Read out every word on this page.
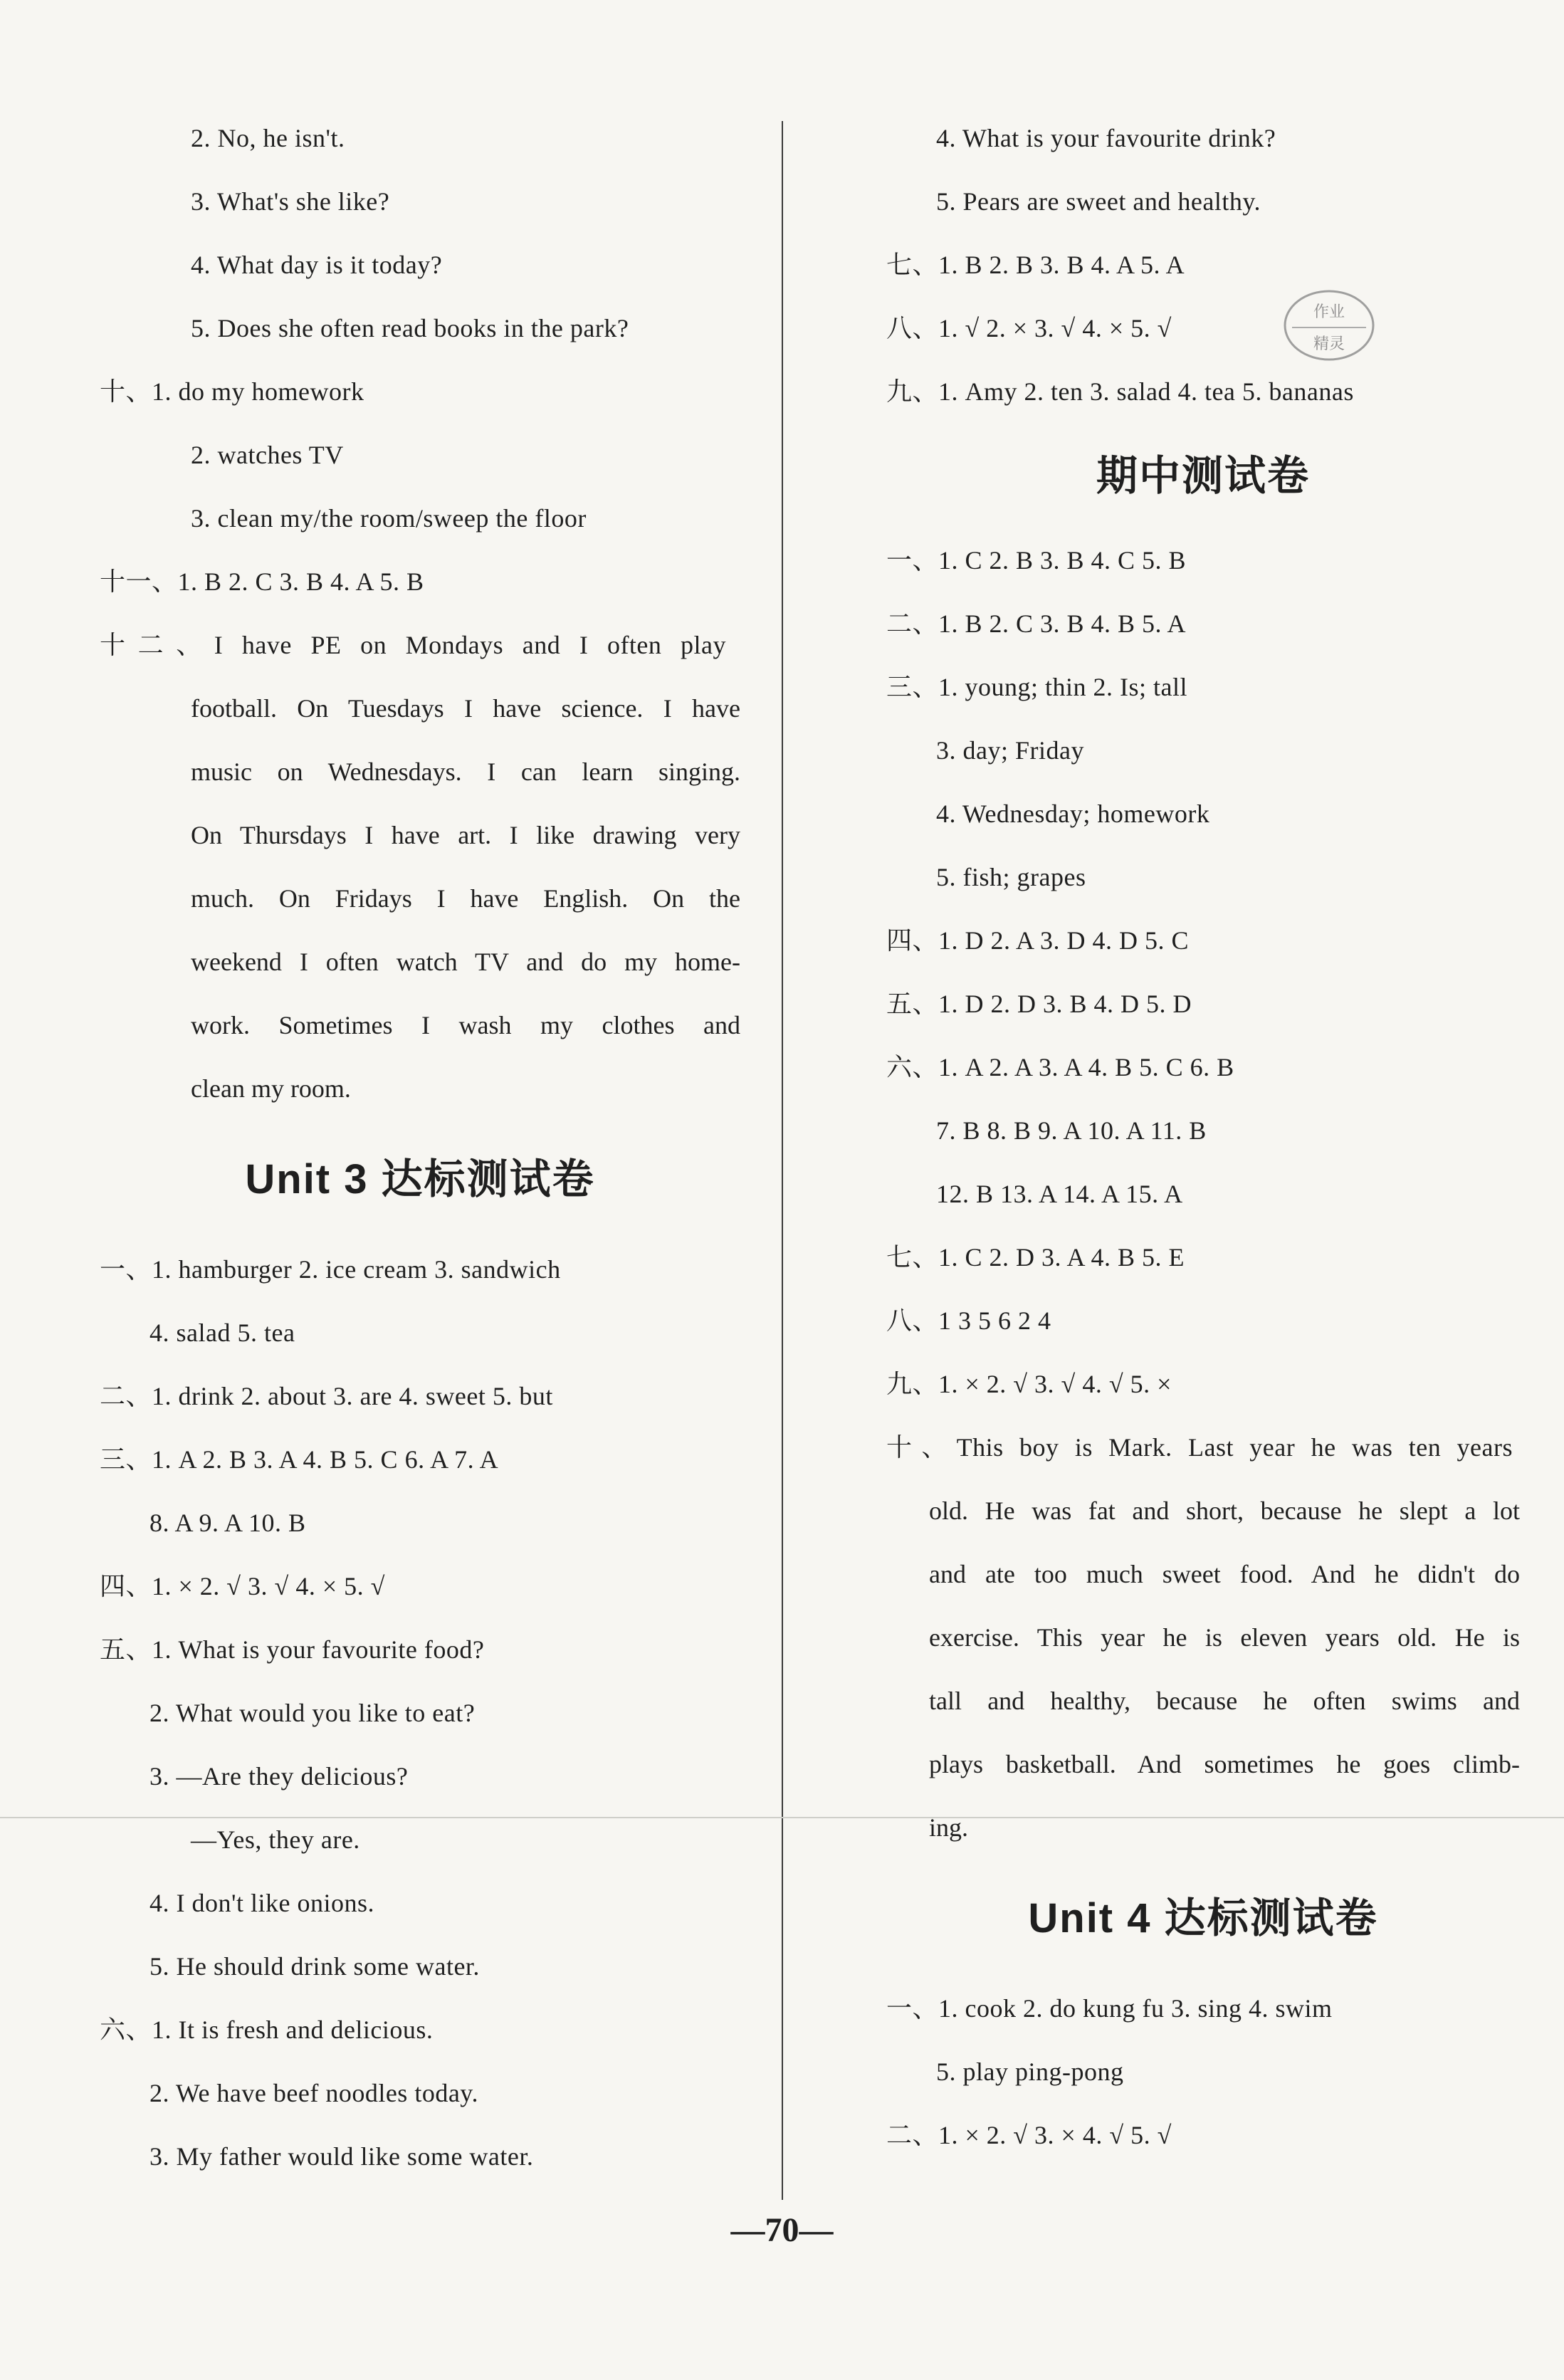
2. No, he isn't.
3. What's she like?
4. What day is it today?
5. Does she often read books in the park?
十、1. do my homework
2. watches TV
3. clean my/the room/sweep the floor
十一、1. B 2. C 3. B 4. A 5. B
十二、I have PE on Mondays and I often play
football. On Tuesdays I have science. I have
music on Wednesdays. I can learn singing.
On Thursdays I have art. I like drawing very
much. On Fridays I have English. On the
weekend I often watch TV and do my home-
work. Sometimes I wash my clothes and
clean my room.
Unit 3 达标测试卷
一、1. hamburger 2. ice cream 3. sandwich
4. salad 5. tea
二、1. drink 2. about 3. are 4. sweet 5. but
三、1. A 2. B 3. A 4. B 5. C 6. A 7. A
8. A 9. A 10. B
四、1. × 2. √ 3. √ 4. × 5. √
五、1. What is your favourite food?
2. What would you like to eat?
3. —Are they delicious?
—Yes, they are.
4. I don't like onions.
5. He should drink some water.
六、1. It is fresh and delicious.
2. We have beef noodles today.
3. My father would like some water.
4. What is your favourite drink?
5. Pears are sweet and healthy.
七、1. B 2. B 3. B 4. A 5. A
八、1. √ 2. × 3. √ 4. × 5. √
九、1. Amy 2. ten 3. salad 4. tea 5. bananas
期中测试卷
一、1. C 2. B 3. B 4. C 5. B
二、1. B 2. C 3. B 4. B 5. A
三、1. young; thin 2. Is; tall
3. day; Friday
4. Wednesday; homework
5. fish; grapes
四、1. D 2. A 3. D 4. D 5. C
五、1. D 2. D 3. B 4. D 5. D
六、1. A 2. A 3. A 4. B 5. C 6. B
7. B 8. B 9. A 10. A 11. B
12. B 13. A 14. A 15. A
七、1. C 2. D 3. A 4. B 5. E
八、1 3 5 6 2 4
九、1. × 2. √ 3. √ 4. √ 5. ×
十、This boy is Mark. Last year he was ten years
old. He was fat and short, because he slept a lot
and ate too much sweet food. And he didn't do
exercise. This year he is eleven years old. He is
tall and healthy, because he often swims and
plays basketball. And sometimes he goes climb-
ing.
Unit 4 达标测试卷
一、1. cook 2. do kung fu 3. sing 4. swim
5. play ping-pong
二、1. × 2. √ 3. × 4. √ 5. √
作业
精灵
—70—
